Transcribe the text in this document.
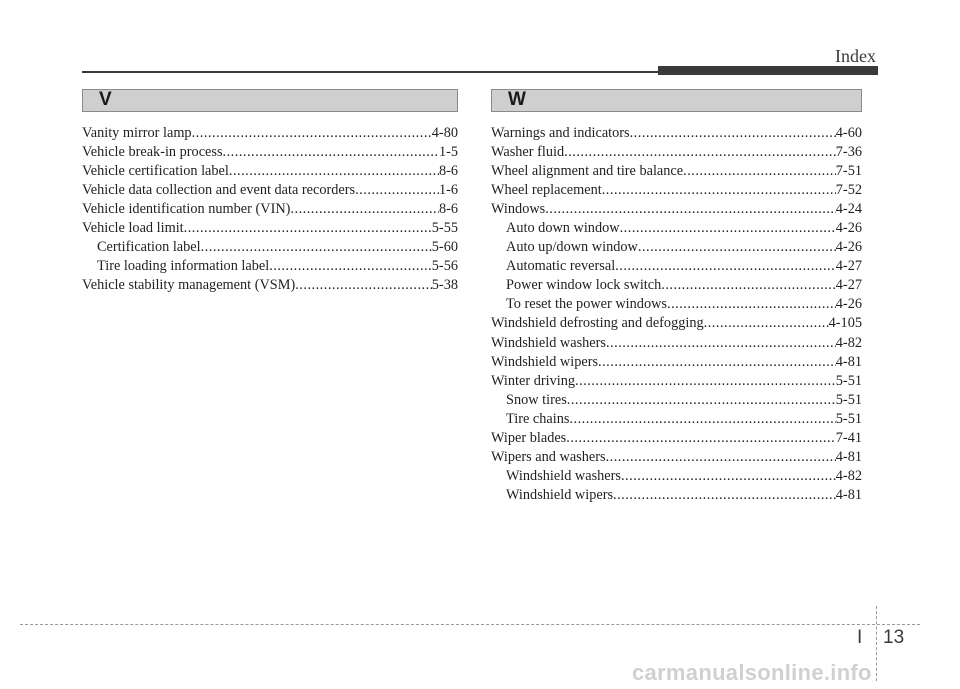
Index
V	W
Vanity mirror lamp .....	4-80
Vehicle break-in process .....	1-5
Vehicle certification label .....	8-6
Vehicle data collection and event data recorders .....	1-6
Vehicle identification number (VIN) .....	8-6
Vehicle load limit .....	5-55
Certification label .....	5-60
Tire loading information label .....	5-56
Vehicle stability management (VSM) .....	5-38
Warnings and indicators .....	4-60
Washer fluid .....	7-36
Wheel alignment and tire balance .....	7-51
Wheel replacement .....	7-52
Windows .....	4-24
Auto down window .....	4-26
Auto up/down window .....	4-26
Automatic reversal .....	4-27
Power window lock switch .....	4-27
To reset the power windows .....	4-26
Windshield defrosting and defogging .....	4-105
Windshield washers .....	4-82
Windshield wipers .....	4-81
Winter driving .....	5-51
Snow tires .....	5-51
Tire chains .....	5-51
Wiper blades .....	7-41
Wipers and washers .....	4-81
Windshield washers .....	4-82
Windshield wipers .....	4-81
I 13
carmanualsonline.info
